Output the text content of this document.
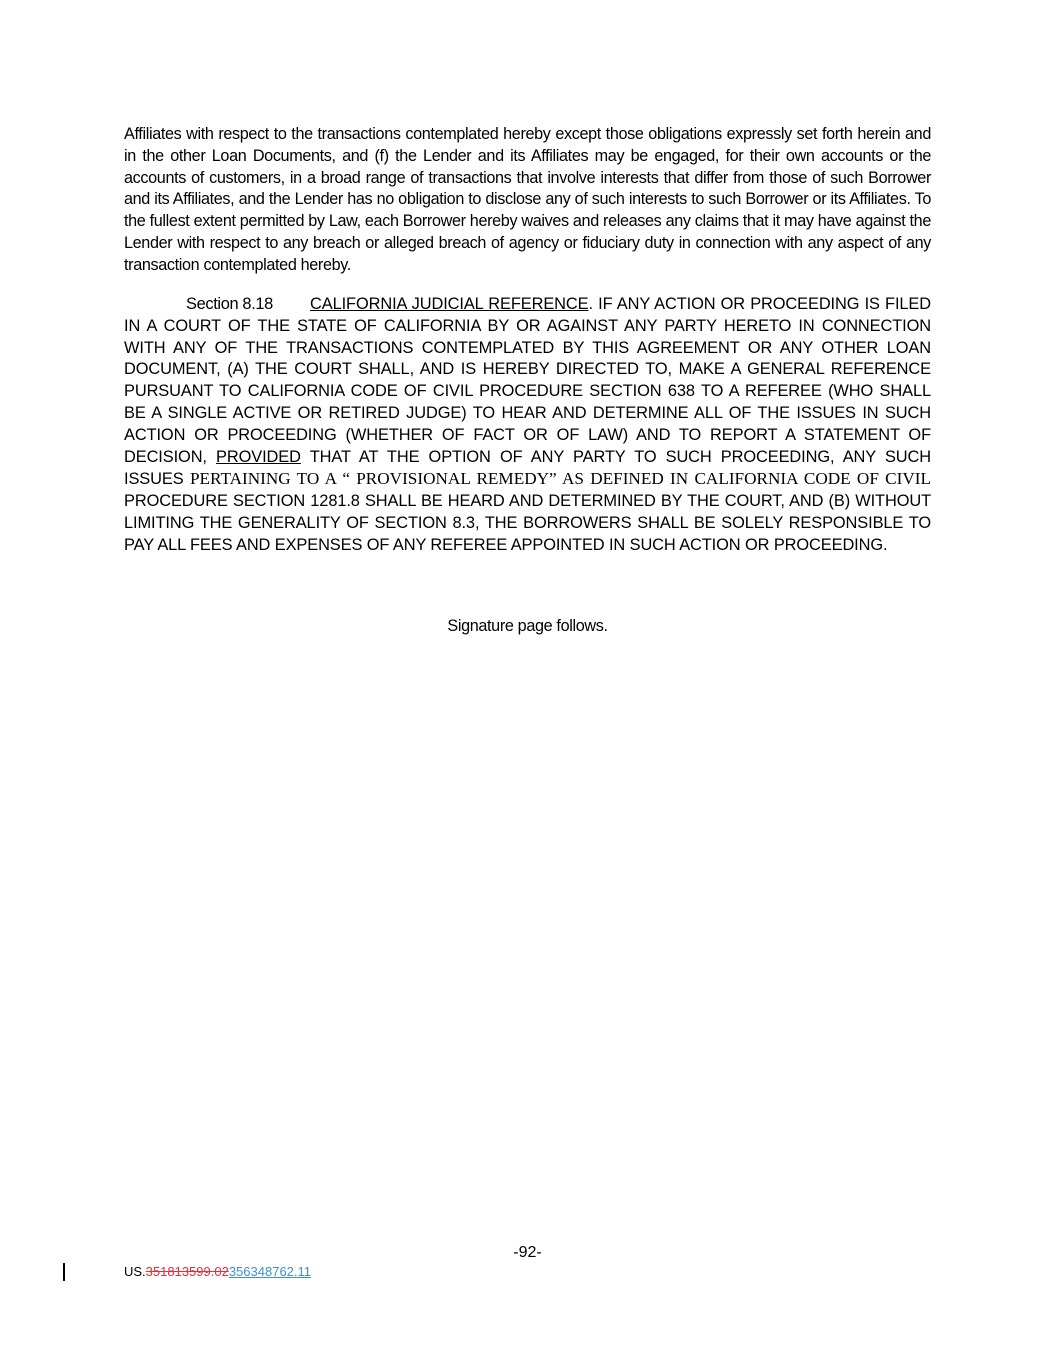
Affiliates with respect to the transactions contemplated hereby except those obligations expressly set forth herein and in the other Loan Documents, and (f) the Lender and its Affiliates may be engaged, for their own accounts or the accounts of customers, in a broad range of transactions that involve interests that differ from those of such Borrower and its Affiliates, and the Lender has no obligation to disclose any of such interests to such Borrower or its Affiliates. To the fullest extent permitted by Law, each Borrower hereby waives and releases any claims that it may have against the Lender with respect to any breach or alleged breach of agency or fiduciary duty in connection with any aspect of any transaction contemplated hereby.

Section 8.18 CALIFORNIA JUDICIAL REFERENCE. IF ANY ACTION OR PROCEEDING IS FILED IN A COURT OF THE STATE OF CALIFORNIA BY OR AGAINST ANY PARTY HERETO IN CONNECTION WITH ANY OF THE TRANSACTIONS CONTEMPLATED BY THIS AGREEMENT OR ANY OTHER LOAN DOCUMENT, (A) THE COURT SHALL, AND IS HEREBY DIRECTED TO, MAKE A GENERAL REFERENCE PURSUANT TO CALIFORNIA CODE OF CIVIL PROCEDURE SECTION 638 TO A REFEREE (WHO SHALL BE A SINGLE ACTIVE OR RETIRED JUDGE) TO HEAR AND DETERMINE ALL OF THE ISSUES IN SUCH ACTION OR PROCEEDING (WHETHER OF FACT OR OF LAW) AND TO REPORT A STATEMENT OF DECISION, PROVIDED THAT AT THE OPTION OF ANY PARTY TO SUCH PROCEEDING, ANY SUCH ISSUES PERTAINING TO A “ PROVISIONAL REMEDY” AS DEFINED IN CALIFORNIA CODE OF CIVIL PROCEDURE SECTION 1281.8 SHALL BE HEARD AND DETERMINED BY THE COURT, AND (B) WITHOUT LIMITING THE GENERALITY OF SECTION 8.3, THE BORROWERS SHALL BE SOLELY RESPONSIBLE TO PAY ALL FEES AND EXPENSES OF ANY REFEREE APPOINTED IN SUCH ACTION OR PROCEEDING.

Signature page follows.
-92-
US.351813599.02356348762.11
